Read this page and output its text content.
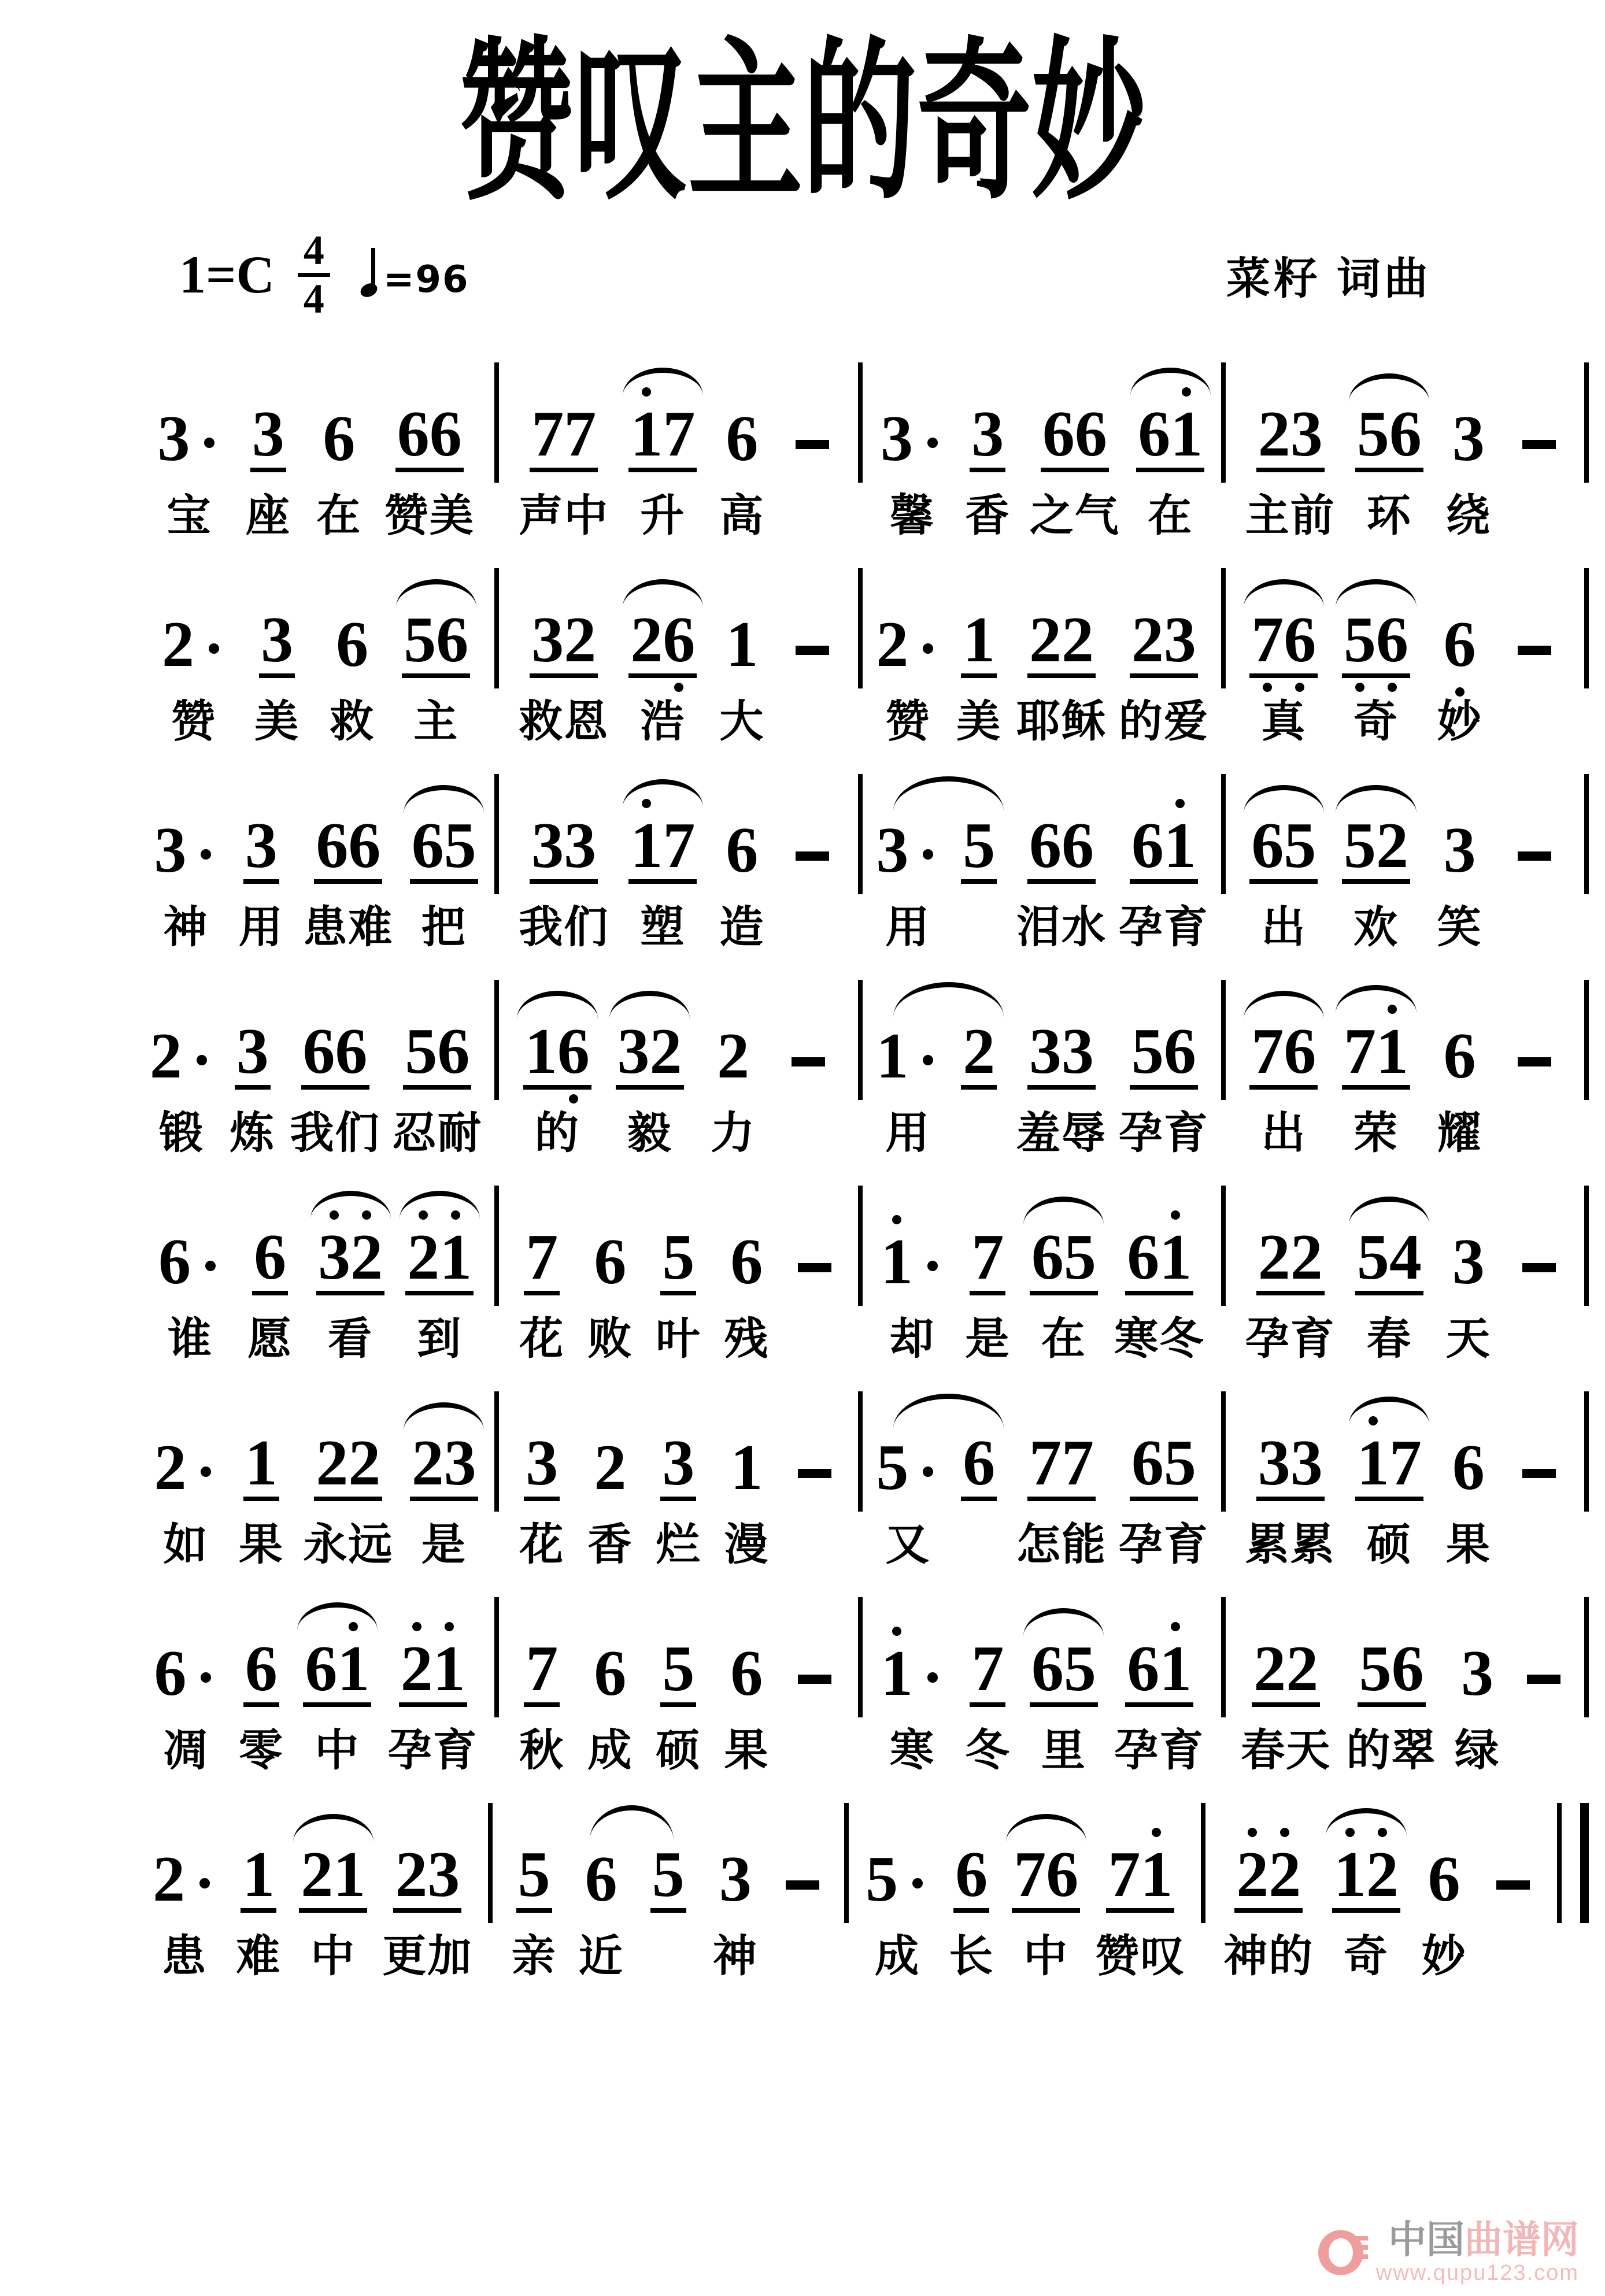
赞叹主的奇妙
$1=C \frac{4}{4} =96$	菜籽 词曲
3
宝
3
座
6
在
6 6
赞美
7 7
声中
1 7
升
6
高
3
馨
3
香
6 6
之气
6 1
在
2 3
主前
5 6
环
3
绕
2
赞
3
美
6
救
5 6
主
3 2
救恩
2 6
浩
1
大
2
赞
1
美
2 2
耶稣
2 3
的爱
7 6
真
5 6
奇
6
妙
3
神
3
用
6 6
患难
6 5
把
3 3
我们
1 7
塑
6
造
3
用
5 6 6
泪水
6 1
孕育
6 5
出
5 2
欢
3
笑
2
锻
3
炼
6 6
我们
5 6
忍耐
1 6
的
3 2
毅
2
力
1
用
2 3 3
羞辱
5 6
孕育
7 6
出
7 1
荣
6
耀
6
谁
6
愿
3 2
看
2 1
到
7
花
6
败
5
叶
6
残
1
却
7
是
6 5
在
6 1
寒冬
2 2
孕育
5 4
春
3
天
2
如
1
果
2 2
永远
2 3
是
3
花
2
香
3
烂
1
漫
5
又
6 7 7
怎能
6 5
孕育
3 3
累累
1 7
硕
6
果
6
凋
6
零
6 1
中
2 1
孕育
7
秋
6
成
5
硕
6
果
1
寒
7
冬
6 5
里
6 1
孕育
2 2
春天
5 6
的翠
3
绿
2
患
1
难
2 1
中
2 3
更加
5
亲
6
近
5 3
神
5
成
6
长
7 6
中
7 1
赞叹
2 2
神的
1 2
奇
6
妙
中国曲谱网
www.qupu123.com
